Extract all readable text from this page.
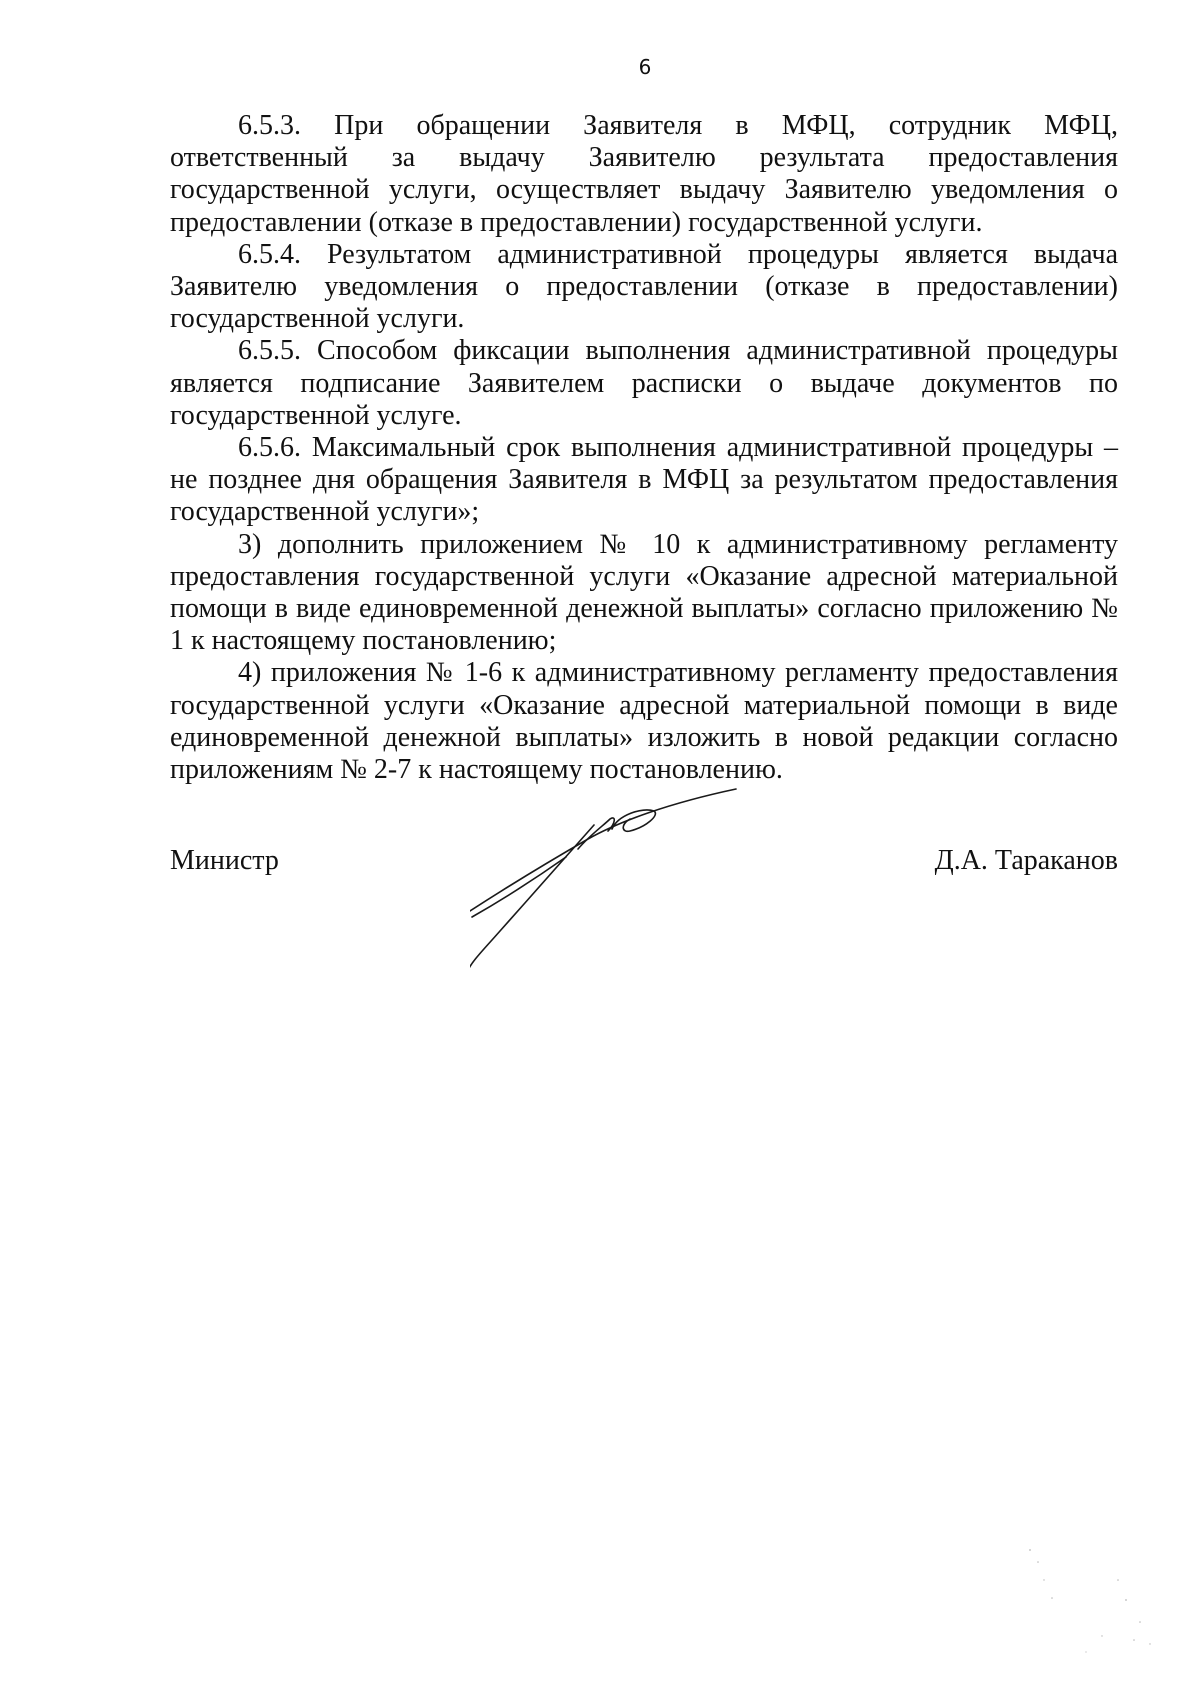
6

6.5.3. При обращении Заявителя в МФЦ, сотрудник МФЦ, ответственный за выдачу Заявителю результата предоставления государственной услуги, осуществляет выдачу Заявителю уведомления о предоставлении (отказе в предоставлении) государственной услуги.

6.5.4. Результатом административной процедуры является выдача Заявителю уведомления о предоставлении (отказе в предоставлении) государственной услуги.

6.5.5. Способом фиксации выполнения административной процедуры является подписание Заявителем расписки о выдаче документов по государственной услуге.

6.5.6. Максимальный срок выполнения административной процедуры – не позднее дня обращения Заявителя в МФЦ за результатом предоставления государственной услуги»;

3) дополнить приложением № 10 к административному регламенту предоставления государственной услуги «Оказание адресной материальной помощи в виде единовременной денежной выплаты» согласно приложению № 1 к настоящему постановлению;

4) приложения № 1-6 к административному регламенту предоставления государственной услуги «Оказание адресной материальной помощи в виде единовременной денежной выплаты» изложить в новой редакции согласно приложениям № 2-7 к настоящему постановлению.

Министр	Д.А. Тараканов
